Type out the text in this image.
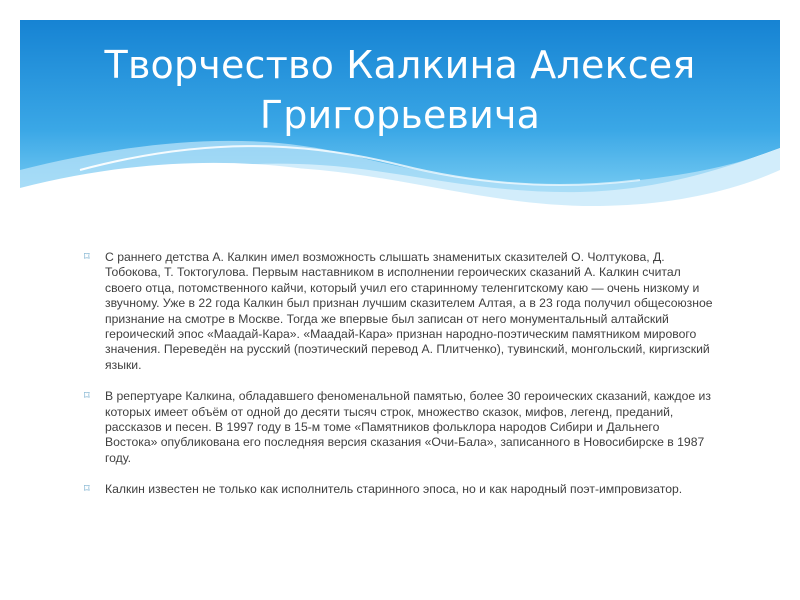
Творчество Калкина Алексея Григорьевича

⌑ С раннего детства А. Калкин имел возможность слышать знаменитых сказителей О. Чолтукова, Д. Тобокова, Т. Токтогулова. Первым наставником в исполнении героических сказаний А. Калкин считал своего отца, потомственного кайчи, который учил его старинному теленгитскому каю — очень низкому и звучному. Уже в 22 года Калкин был признан лучшим сказителем Алтая, а в 23 года получил общесоюзное признание на смотре в Москве. Тогда же впервые был записан от него монументальный алтайский героический эпос «Маадай-Кара». «Маадай-Кара» признан народно-поэтическим памятником мирового значения. Переведён на русский (поэтический перевод А. Плитченко), тувинский, монгольский, киргизский языки.

⌑ В репертуаре Калкина, обладавшего феноменальной памятью, более 30 героических сказаний, каждое из которых имеет объём от одной до десяти тысяч строк, множество сказок, мифов, легенд, преданий, рассказов и песен. В 1997 году в 15-м томе «Памятников фольклора народов Сибири и Дальнего Востока» опубликована его последняя версия сказания «Очи-Бала», записанного в Новосибирске в 1987 году.

⌑ Калкин известен не только как исполнитель старинного эпоса, но и как народный поэт-импровизатор.
